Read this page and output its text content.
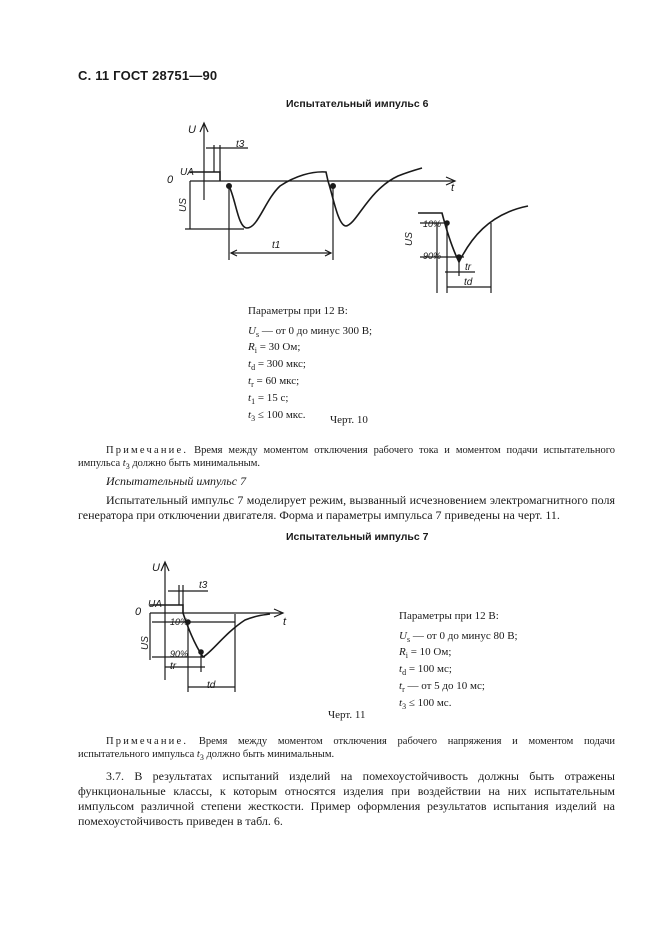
С. 11 ГОСТ 28751—90
Испытательный импульс 6
U
0
UA
US
t
t3
t1
10%
90%
US
tr
td
Параметры при 12 В:
$U_s$ — от 0 до минус 300 В;
$R_i = 30$ Ом;
$t_d = 300$ мкс;
$t_r = 60$ мкс;
$t_1 = 15$ с;
$t_3 \le 100$ мкс.	Черт. 10
Примечание. Время между моментом отключения рабочего тока и моментом подачи испытательного импульса $t_3$ должно быть минимальным.
Испытательный импульс 7
Испытательный импульс 7 моделирует режим, вызванный исчезновением электромагнитного поля генератора при отключении двигателя. Форма и параметры импульса 7 приведены на черт. 11.
Испытательный импульс 7
U
0
UA
US
t
t3
10%
90%
tr
td
Параметры при 12 В:
$U_s$ — от 0 до минус 80 В;
$R_i = 10$ Ом;
$t_d = 100$ мс;
$t_r$ — от 5 до 10 мс;
$t_3 \le 100$ мс.
Черт. 11
Примечание. Время между моментом отключения рабочего напряжения и моментом подачи испытательного импульса $t_3$ должно быть минимальным.
3.7. В результатах испытаний изделий на помехоустойчивость должны быть отражены функциональные классы, к которым относятся изделия при воздействии на них испытательным импульсом различной степени жесткости. Пример оформления результатов испытания изделий на помехоустойчивость приведен в табл. 6.
